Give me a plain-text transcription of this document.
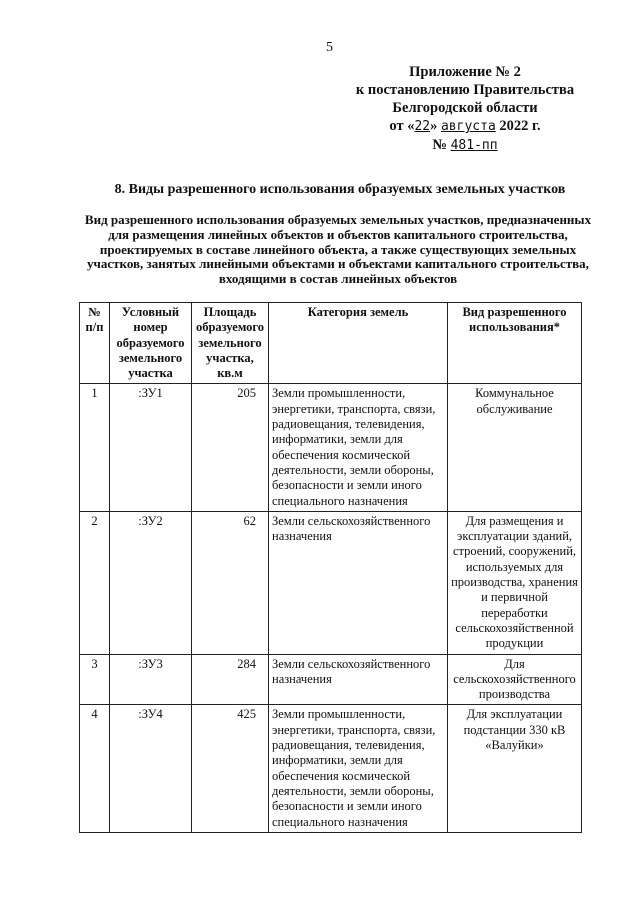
5
Приложение № 2
к постановлению Правительства
Белгородской области
от «22» августа 2022 г.
№ 481-пп
8. Виды разрешенного использования образуемых земельных участков
Вид разрешенного использования образуемых земельных участков, предназначенных для размещения линейных объектов и объектов капитального строительства, проектируемых в составе линейного объекта, а также существующих земельных участков, занятых линейными объектами и объектами капитального строительства, входящими в состав линейных объектов
№ п/п	Условный номер образуемого земельного участка	Площадь образуемого земельного участка, кв.м	Категория земель	Вид разрешенного использования*
1	:ЗУ1	205	Земли промышленности, энергетики, транспорта, связи, радиовещания, телевидения, информатики, земли для обеспечения космической деятельности, земли обороны, безопасности и земли иного специального назначения	Коммунальное обслуживание
2	:ЗУ2	62	Земли сельскохозяйственного назначения	Для размещения и эксплуатации зданий, строений, сооружений, используемых для производства, хранения и первичной переработки сельскохозяйственной продукции
3	:ЗУ3	284	Земли сельскохозяйственного назначения	Для сельскохозяйственного производства
4	:ЗУ4	425	Земли промышленности, энергетики, транспорта, связи, радиовещания, телевидения, информатики, земли для обеспечения космической деятельности, земли обороны, безопасности и земли иного специального назначения	Для эксплуатации подстанции 330 кВ «Валуйки»
